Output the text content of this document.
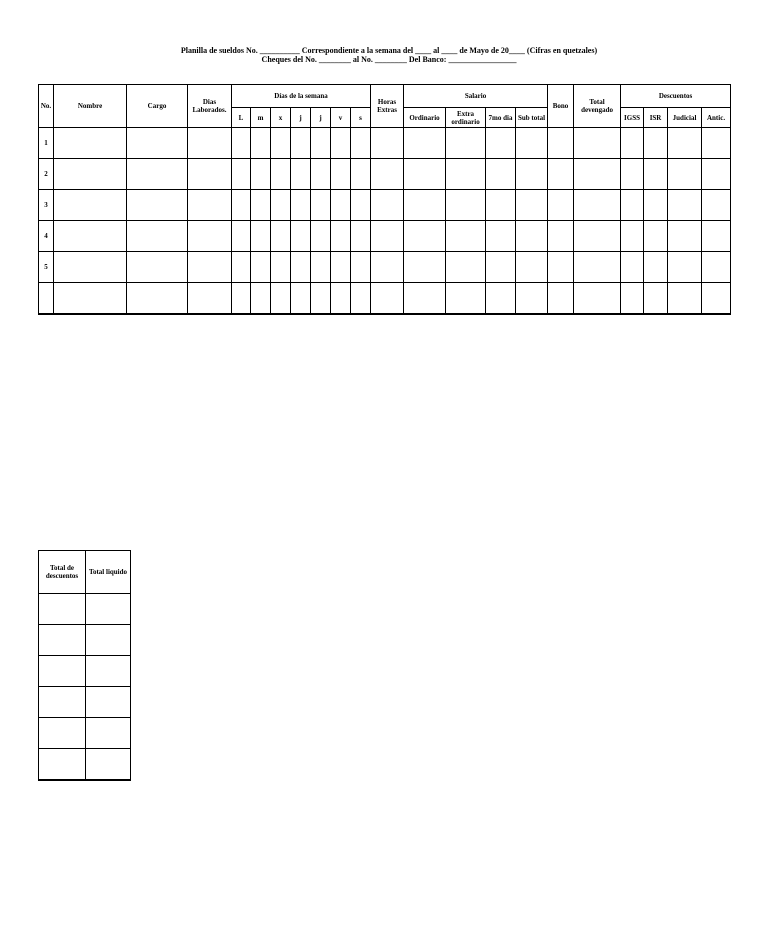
Planilla de sueldos No. __________ Correspondiente a la semana del ____ al ____ de Mayo de 20____ (Cifras en quetzales)
Cheques del No. ________ al No. ________ Del Banco: _________________
No.	Nombre	Cargo	Dias Laborados.	Días de la semana							Horas Extras	Salario				Bono	Total devengado	Descuentos			
				L	m	x	j	j	v	s		Ordinario	Extra ordinario	7mo dia	Sub total			IGSS	ISR	Judicial	Antic.
1																					
2																					
3																					
4																					
5																					

Total de descuentos	Total liquido
